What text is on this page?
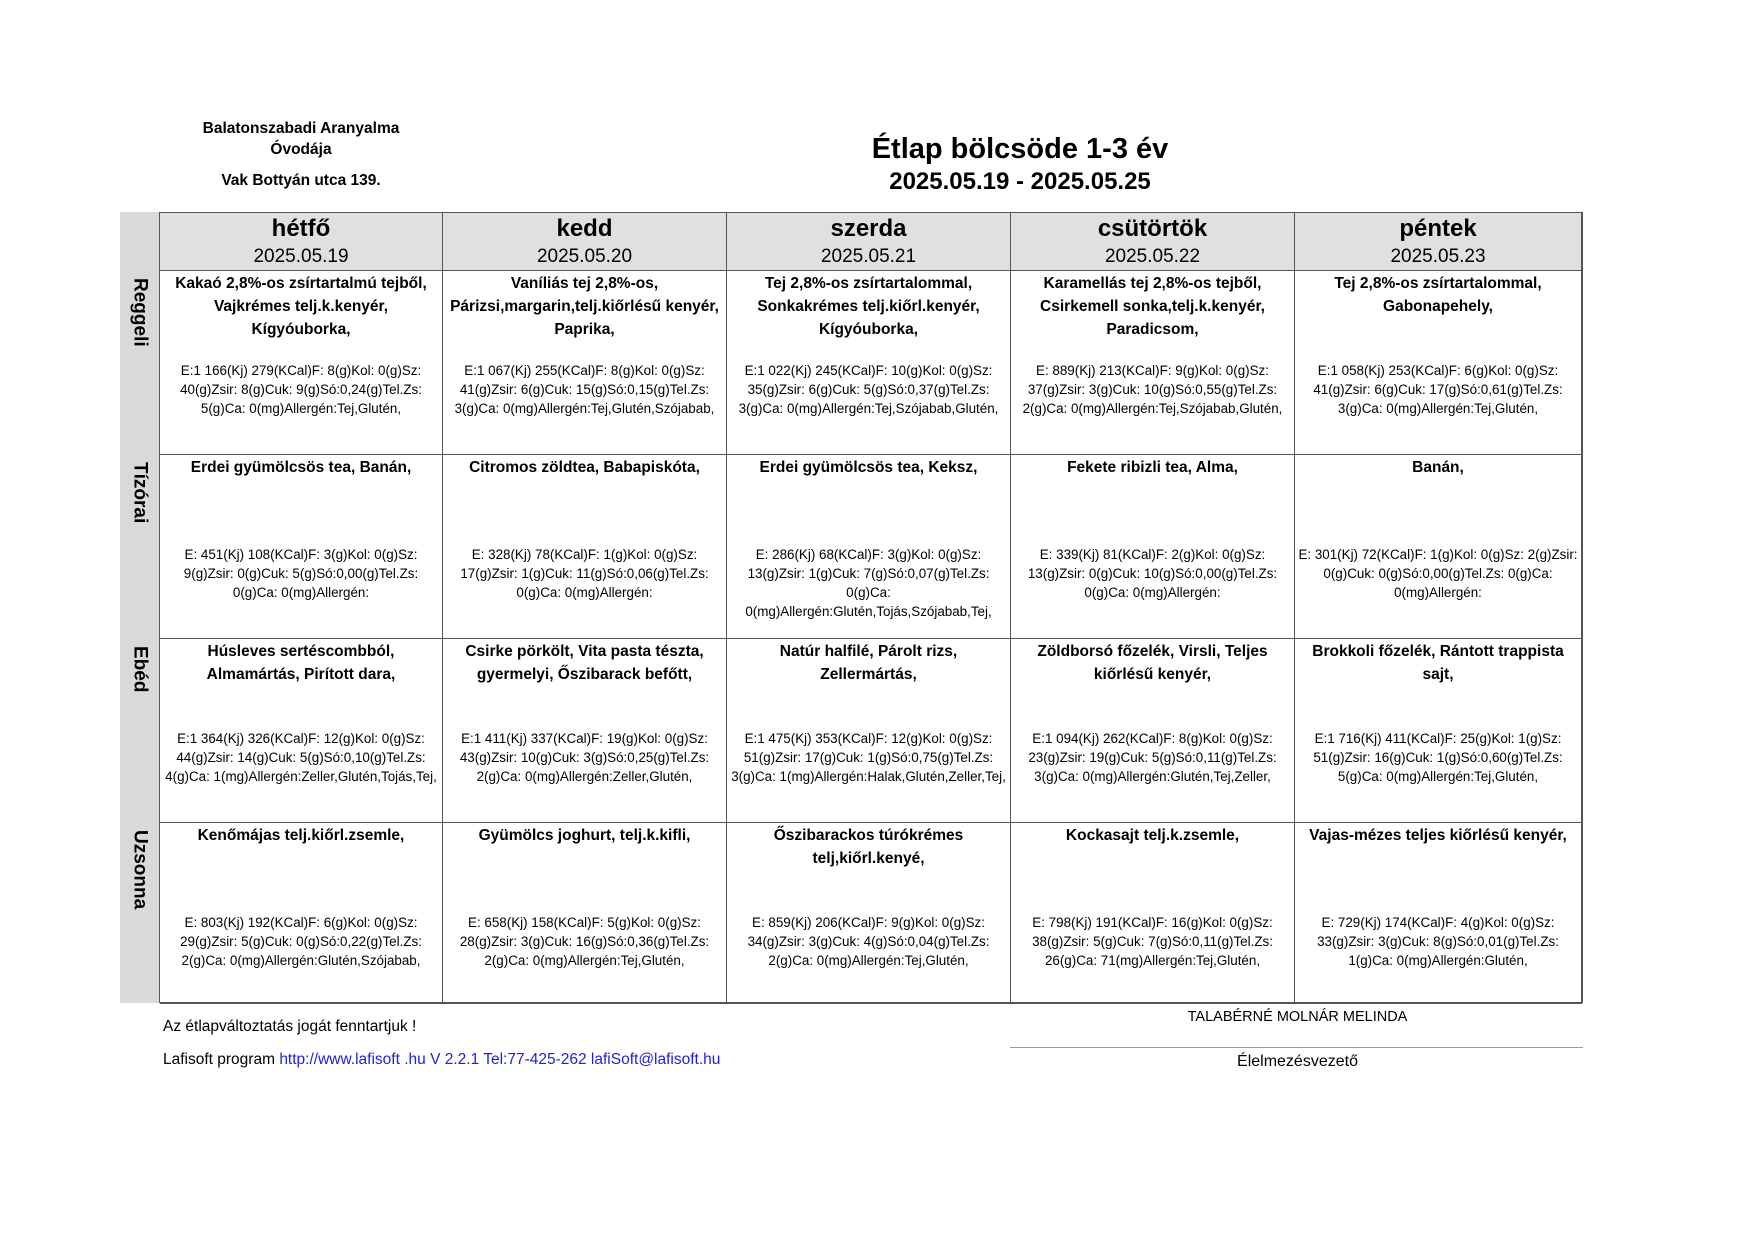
Balatonszabadi Aranyalma
Óvodája
Vak Bottyán utca 139.
Étlap bölcsöde 1-3 év
2025.05.19 - 2025.05.25
Reggeli
Tízórai
Ebéd
Uzsonna
hétfő
2025.05.19
kedd
2025.05.20
szerda
2025.05.21
csütörtök
2025.05.22
péntek
2025.05.23
Kakaó 2,8%-os zsírtartalmú tejből, Vajkrémes telj.k.kenyér, Kígyóuborka,
E:1 166(Kj) 279(KCal)F: 8(g)Kol: 0(g)Sz: 40(g)Zsir: 8(g)Cuk: 9(g)Só:0,24(g)Tel.Zs: 5(g)Ca: 0(mg)Allergén:Tej,Glutén,
Vaníliás tej 2,8%-os, Párizsi,margarin,telj.kiőrlésű kenyér, Paprika,
E:1 067(Kj) 255(KCal)F: 8(g)Kol: 0(g)Sz: 41(g)Zsir: 6(g)Cuk: 15(g)Só:0,15(g)Tel.Zs: 3(g)Ca: 0(mg)Allergén:Tej,Glutén,Szójabab,
Tej 2,8%-os zsírtartalommal, Sonkakrémes telj.kiőrl.kenyér, Kígyóuborka,
E:1 022(Kj) 245(KCal)F: 10(g)Kol: 0(g)Sz: 35(g)Zsir: 6(g)Cuk: 5(g)Só:0,37(g)Tel.Zs: 3(g)Ca: 0(mg)Allergén:Tej,Szójabab,Glutén,
Karamellás tej 2,8%-os tejből, Csirkemell sonka,telj.k.kenyér, Paradicsom,
E: 889(Kj) 213(KCal)F: 9(g)Kol: 0(g)Sz: 37(g)Zsir: 3(g)Cuk: 10(g)Só:0,55(g)Tel.Zs: 2(g)Ca: 0(mg)Allergén:Tej,Szójabab,Glutén,
Tej 2,8%-os zsírtartalommal, Gabonapehely,
E:1 058(Kj) 253(KCal)F: 6(g)Kol: 0(g)Sz: 41(g)Zsir: 6(g)Cuk: 17(g)Só:0,61(g)Tel.Zs: 3(g)Ca: 0(mg)Allergén:Tej,Glutén,
Erdei gyümölcsös tea, Banán,
E: 451(Kj) 108(KCal)F: 3(g)Kol: 0(g)Sz: 9(g)Zsir: 0(g)Cuk: 5(g)Só:0,00(g)Tel.Zs: 0(g)Ca: 0(mg)Allergén:
Citromos zöldtea, Babapiskóta,
E: 328(Kj) 78(KCal)F: 1(g)Kol: 0(g)Sz: 17(g)Zsir: 1(g)Cuk: 11(g)Só:0,06(g)Tel.Zs: 0(g)Ca: 0(mg)Allergén:
Erdei gyümölcsös tea, Keksz,
E: 286(Kj) 68(KCal)F: 3(g)Kol: 0(g)Sz: 13(g)Zsir: 1(g)Cuk: 7(g)Só:0,07(g)Tel.Zs: 0(g)Ca: 0(mg)Allergén:Glutén,Tojás,Szójabab,Tej,
Fekete ribizli tea, Alma,
E: 339(Kj) 81(KCal)F: 2(g)Kol: 0(g)Sz: 13(g)Zsir: 0(g)Cuk: 10(g)Só:0,00(g)Tel.Zs: 0(g)Ca: 0(mg)Allergén:
Banán,
E: 301(Kj) 72(KCal)F: 1(g)Kol: 0(g)Sz: 2(g)Zsir: 0(g)Cuk: 0(g)Só:0,00(g)Tel.Zs: 0(g)Ca: 0(mg)Allergén:
Húsleves sertéscombból, Almamártás, Pirított dara,
E:1 364(Kj) 326(KCal)F: 12(g)Kol: 0(g)Sz: 44(g)Zsir: 14(g)Cuk: 5(g)Só:0,10(g)Tel.Zs: 4(g)Ca: 1(mg)Allergén:Zeller,Glutén,Tojás,Tej,
Csirke pörkölt, Vita pasta tészta, gyermelyi, Őszibarack befőtt,
E:1 411(Kj) 337(KCal)F: 19(g)Kol: 0(g)Sz: 43(g)Zsir: 10(g)Cuk: 3(g)Só:0,25(g)Tel.Zs: 2(g)Ca: 0(mg)Allergén:Zeller,Glutén,
Natúr halfilé, Párolt rizs, Zellermártás,
E:1 475(Kj) 353(KCal)F: 12(g)Kol: 0(g)Sz: 51(g)Zsir: 17(g)Cuk: 1(g)Só:0,75(g)Tel.Zs: 3(g)Ca: 1(mg)Allergén:Halak,Glutén,Zeller,Tej,
Zöldborsó főzelék, Virsli, Teljes kiőrlésű kenyér,
E:1 094(Kj) 262(KCal)F: 8(g)Kol: 0(g)Sz: 23(g)Zsir: 19(g)Cuk: 5(g)Só:0,11(g)Tel.Zs: 3(g)Ca: 0(mg)Allergén:Glutén,Tej,Zeller,
Brokkoli főzelék, Rántott trappista sajt,
E:1 716(Kj) 411(KCal)F: 25(g)Kol: 1(g)Sz: 51(g)Zsir: 16(g)Cuk: 1(g)Só:0,60(g)Tel.Zs: 5(g)Ca: 0(mg)Allergén:Tej,Glutén,
Kenőmájas telj.kiőrl.zsemle,
E: 803(Kj) 192(KCal)F: 6(g)Kol: 0(g)Sz: 29(g)Zsir: 5(g)Cuk: 0(g)Só:0,22(g)Tel.Zs: 2(g)Ca: 0(mg)Allergén:Glutén,Szójabab,
Gyümölcs joghurt, telj.k.kifli,
E: 658(Kj) 158(KCal)F: 5(g)Kol: 0(g)Sz: 28(g)Zsir: 3(g)Cuk: 16(g)Só:0,36(g)Tel.Zs: 2(g)Ca: 0(mg)Allergén:Tej,Glutén,
Őszibarackos túrókrémes telj,kiőrl.kenyé,
E: 859(Kj) 206(KCal)F: 9(g)Kol: 0(g)Sz: 34(g)Zsir: 3(g)Cuk: 4(g)Só:0,04(g)Tel.Zs: 2(g)Ca: 0(mg)Allergén:Tej,Glutén,
Kockasajt telj.k.zsemle,
E: 798(Kj) 191(KCal)F: 16(g)Kol: 0(g)Sz: 38(g)Zsir: 5(g)Cuk: 7(g)Só:0,11(g)Tel.Zs: 26(g)Ca: 71(mg)Allergén:Tej,Glutén,
Vajas-mézes teljes kiőrlésű kenyér,
E: 729(Kj) 174(KCal)F: 4(g)Kol: 0(g)Sz: 33(g)Zsir: 3(g)Cuk: 8(g)Só:0,01(g)Tel.Zs: 1(g)Ca: 0(mg)Allergén:Glutén,
Az étlapváltoztatás jogát fenntartjuk !
Lafisoft program http://www.lafisoft .hu V 2.2.1 Tel:77-425-262 lafiSoft@lafisoft.hu
TALABÉRNÉ MOLNÁR MELINDA
Élelmezésvezető
